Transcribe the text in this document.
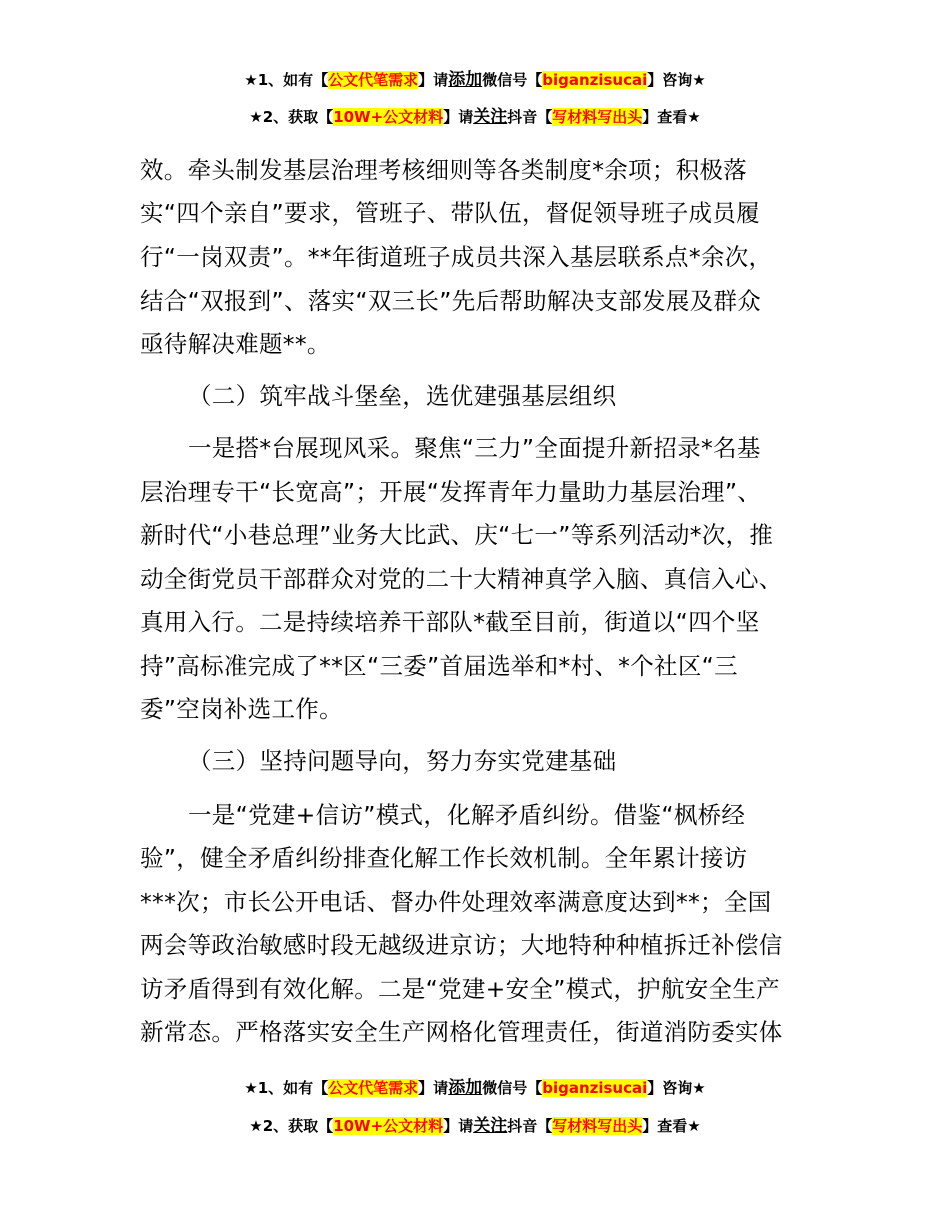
★1、如有【公文代笔需求】请添加微信号【biganzisucai】咨询★
★2、获取【10W+公文材料】请关注抖音【写材料写出头】查看★
效。牵头制发基层治理考核细则等各类制度*余项；积极落
实“四个亲自”要求，管班子、带队伍，督促领导班子成员履
行“一岗双责”。**年街道班子成员共深入基层联系点*余次，
结合“双报到”、落实“双三长”先后帮助解决支部发展及群众
亟待解决难题**。
（二）筑牢战斗堡垒，选优建强基层组织
一是搭*台展现风采。聚焦“三力”全面提升新招录*名基
层治理专干“长宽高”；开展“发挥青年力量助力基层治理”、
新时代“小巷总理”业务大比武、庆“七一”等系列活动*次，推
动全街党员干部群众对党的二十大精神真学入脑、真信入心、
真用入行。二是持续培养干部队*截至目前，街道以“四个坚
持”高标准完成了**区“三委”首届选举和*村、*个社区“三
委”空岗补选工作。
（三）坚持问题导向，努力夯实党建基础
一是“党建+信访”模式，化解矛盾纠纷。借鉴“枫桥经
验”，健全矛盾纠纷排查化解工作长效机制。全年累计接访
***次；市长公开电话、督办件处理效率满意度达到**；全国
两会等政治敏感时段无越级进京访；大地特种种植拆迁补偿信
访矛盾得到有效化解。二是“党建+安全”模式，护航安全生产
新常态。严格落实安全生产网格化管理责任，街道消防委实体
★1、如有【公文代笔需求】请添加微信号【biganzisucai】咨询★
★2、获取【10W+公文材料】请关注抖音【写材料写出头】查看★
